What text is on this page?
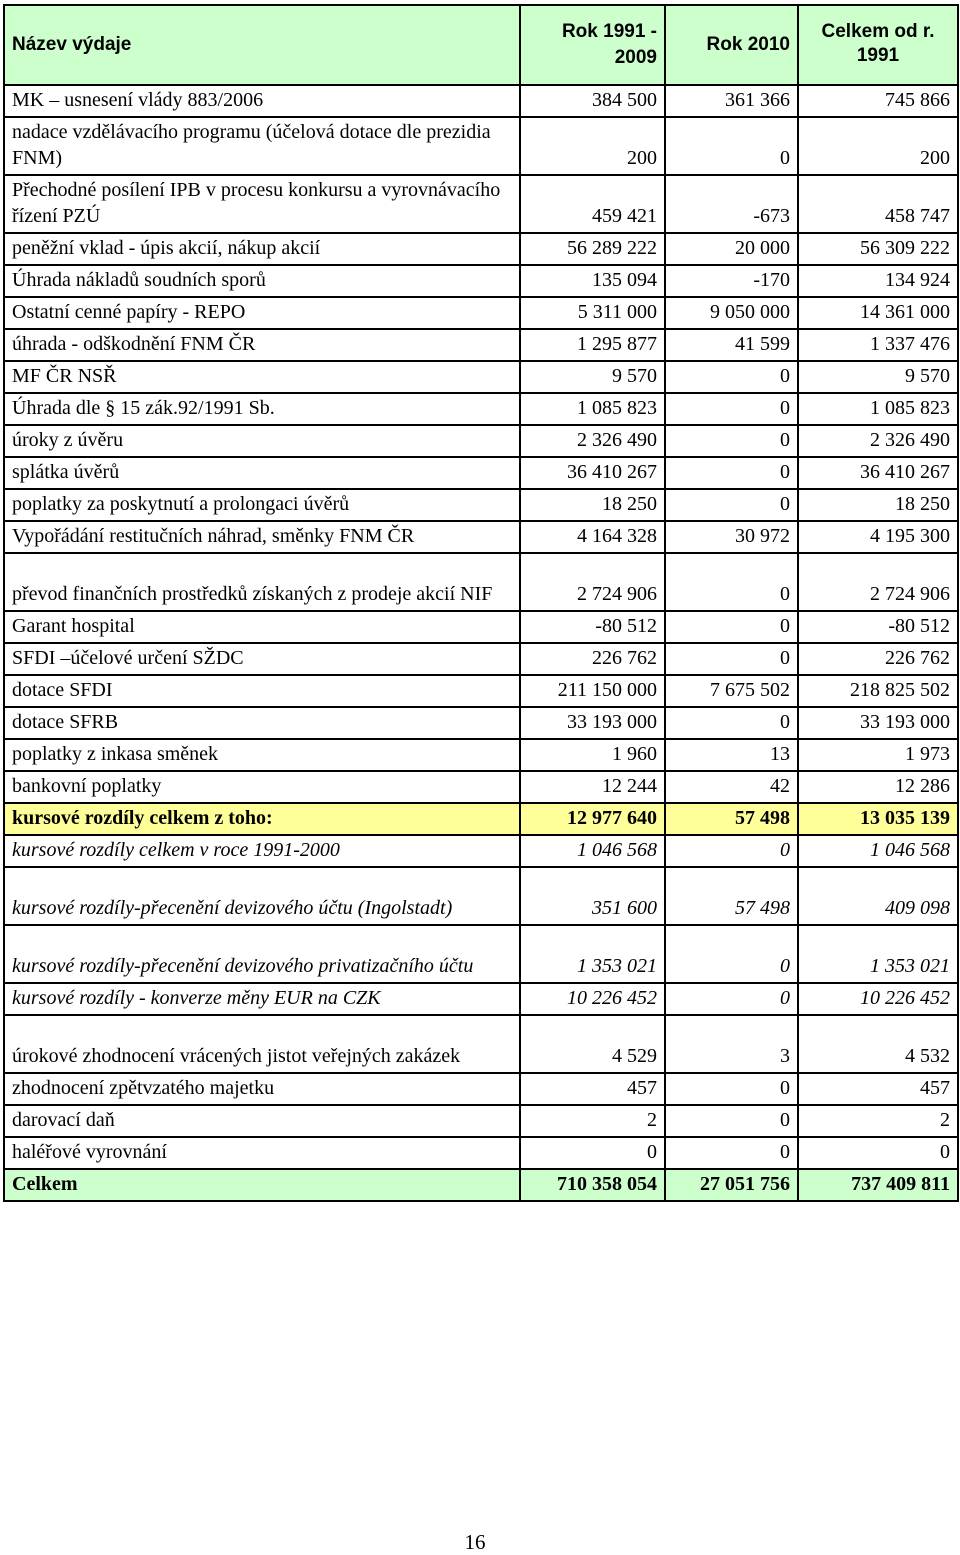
Název výdaje	Rok 1991 - 2009	Rok 2010	Celkem od r. 1991
MK – usnesení vlády 883/2006	384 500	361 366	745 866
nadace vzdělávacího programu (účelová dotace dle prezidia FNM)	200	0	200
Přechodné posílení IPB v procesu konkursu a vyrovnávacího řízení PZÚ	459 421	-673	458 747
peněžní vklad - úpis akcií, nákup akcií	56 289 222	20 000	56 309 222
Úhrada nákladů soudních sporů	135 094	-170	134 924
Ostatní cenné papíry - REPO	5 311 000	9 050 000	14 361 000
úhrada - odškodnění FNM ČR	1 295 877	41 599	1 337 476
MF ČR NSŘ	9 570	0	9 570
Úhrada dle § 15 zák.92/1991 Sb.	1 085 823	0	1 085 823
úroky z úvěru	2 326 490	0	2 326 490
splátka úvěrů	36 410 267	0	36 410 267
poplatky za poskytnutí a prolongaci úvěrů	18 250	0	18 250
Vypořádání restitučních náhrad, směnky FNM ČR	4 164 328	30 972	4 195 300
převod finančních prostředků získaných z prodeje akcií NIF	2 724 906	0	2 724 906
Garant hospital	-80 512	0	-80 512
SFDI –účelové určení SŽDC	226 762	0	226 762
dotace SFDI	211 150 000	7 675 502	218 825 502
dotace SFRB	33 193 000	0	33 193 000
poplatky z inkasa směnek	1 960	13	1 973
bankovní poplatky	12 244	42	12 286
kursové rozdíly celkem z toho:	12 977 640	57 498	13 035 139
kursové rozdíly celkem v roce 1991-2000	1 046 568	0	1 046 568
kursové rozdíly-přecenění devizového účtu (Ingolstadt)	351 600	57 498	409 098
kursové rozdíly-přecenění devizového privatizačního účtu	1 353 021	0	1 353 021
kursové rozdíly - konverze měny EUR na CZK	10 226 452	0	10 226 452
úrokové zhodnocení vrácených jistot veřejných zakázek	4 529	3	4 532
zhodnocení zpětvzatého majetku	457	0	457
darovací daň	2	0	2
haléřové vyrovnání	0	0	0
Celkem	710 358 054	27 051 756	737 409 811
16
